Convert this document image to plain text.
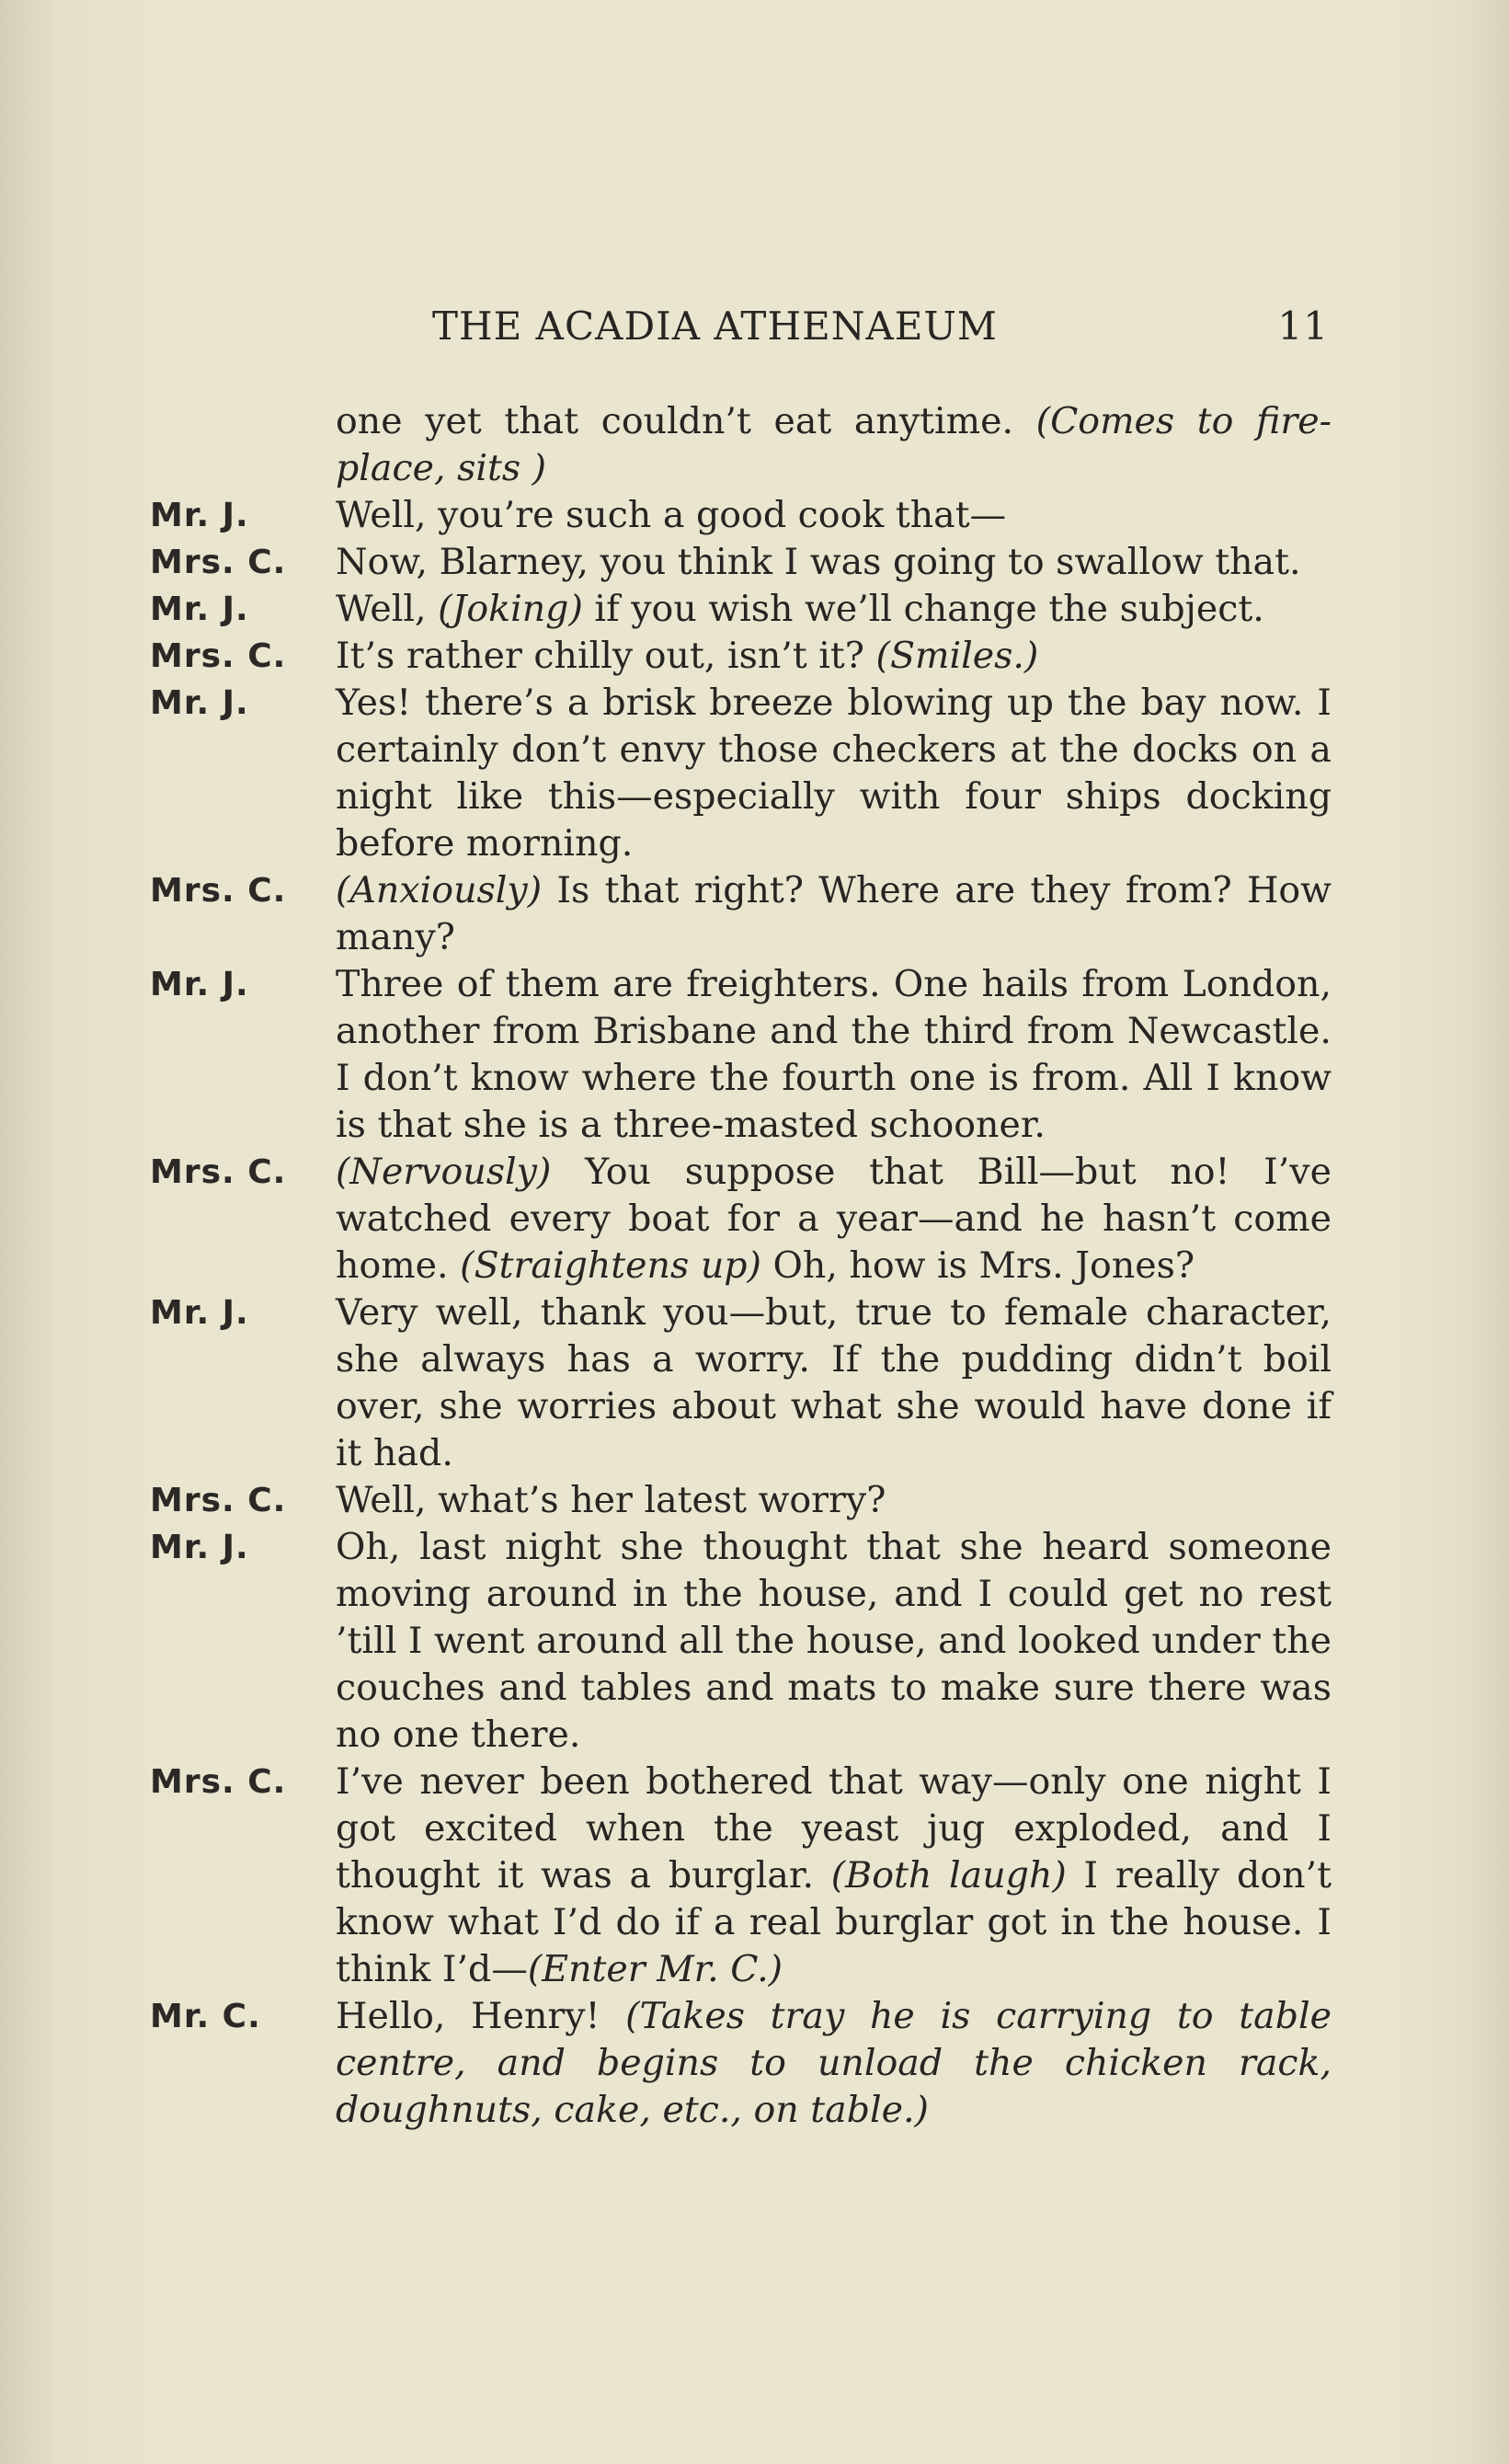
THE ACADIA ATHENAEUM	11
one yet that couldn’t eat anytime. (Comes to fire-place, sits )
Mr. J.	Well, you’re such a good cook that—
Mrs. C.	Now, Blarney, you think I was going to swallow that.
Mr. J.	Well, (Joking) if you wish we’ll change the subject.
Mrs. C.	It’s rather chilly out, isn’t it? (Smiles.)
Mr. J.	Yes! there’s a brisk breeze blowing up the bay now. I certainly don’t envy those checkers at the docks on a night like this—especially with four ships docking before morning.
Mrs. C.	(Anxiously) Is that right? Where are they from? How many?
Mr. J.	Three of them are freighters. One hails from London, another from Brisbane and the third from Newcastle. I don’t know where the fourth one is from. All I know is that she is a three-masted schooner.
Mrs. C.	(Nervously) You suppose that Bill—but no! I’ve watched every boat for a year—and he hasn’t come home. (Straightens up) Oh, how is Mrs. Jones?
Mr. J.	Very well, thank you—but, true to female character, she always has a worry. If the pudding didn’t boil over, she worries about what she would have done if it had.
Mrs. C.	Well, what’s her latest worry?
Mr. J.	Oh, last night she thought that she heard someone moving around in the house, and I could get no rest ’till I went around all the house, and looked under the couches and tables and mats to make sure there was no one there.
Mrs. C.	I’ve never been bothered that way—only one night I got excited when the yeast jug exploded, and I thought it was a burglar. (Both laugh) I really don’t know what I’d do if a real burglar got in the house. I think I’d—(Enter Mr. C.)
Mr. C.	Hello, Henry! (Takes tray he is carrying to table centre, and begins to unload the chicken rack, doughnuts, cake, etc., on table.)
